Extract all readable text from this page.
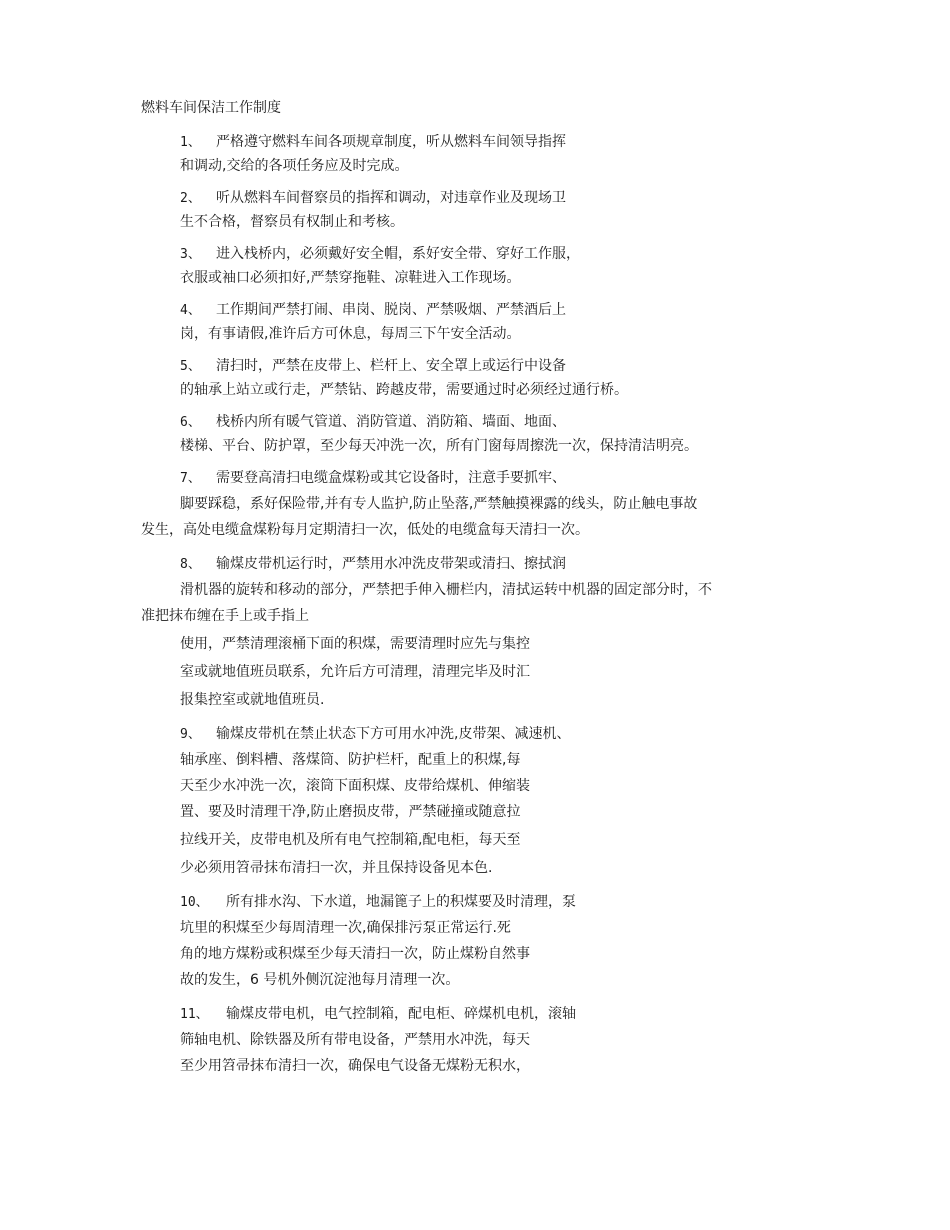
燃料车间保洁工作制度
1、 严格遵守燃料车间各项规章制度，听从燃料车间领导指挥
和调动,交给的各项任务应及时完成。
2、 听从燃料车间督察员的指挥和调动，对违章作业及现场卫
生不合格，督察员有权制止和考核。
3、 进入栈桥内，必须戴好安全帽，系好安全带、穿好工作服，
衣服或袖口必须扣好,严禁穿拖鞋、凉鞋进入工作现场。
4、 工作期间严禁打闹、串岗、脱岗、严禁吸烟、严禁酒后上
岗，有事请假,准许后方可休息，每周三下午安全活动。
5、 清扫时，严禁在皮带上、栏杆上、安全罩上或运行中设备
的轴承上站立或行走，严禁钻、跨越皮带，需要通过时必须经过通行桥。
6、 栈桥内所有暖气管道、消防管道、消防箱、墙面、地面、
楼梯、平台、防护罩，至少每天冲洗一次，所有门窗每周擦洗一次，保持清洁明亮。
7、 需要登高清扫电缆盒煤粉或其它设备时，注意手要抓牢、
脚要踩稳，系好保险带,并有专人监护,防止坠落,严禁触摸裸露的线头，防止触电事故
发生，高处电缆盒煤粉每月定期清扫一次，低处的电缆盒每天清扫一次。
8、 输煤皮带机运行时，严禁用水冲洗皮带架或清扫、擦拭润
滑机器的旋转和移动的部分，严禁把手伸入栅栏内，清拭运转中机器的固定部分时，不
准把抹布缠在手上或手指上
使用，严禁清理滚桶下面的积煤，需要清理时应先与集控
室或就地值班员联系，允许后方可清理，清理完毕及时汇
报集控室或就地值班员.
9、 输煤皮带机在禁止状态下方可用水冲洗,皮带架、减速机、
轴承座、倒料槽、落煤筒、防护栏杆，配重上的积煤,每
天至少水冲洗一次，滚筒下面积煤、皮带给煤机、伸缩装
置、要及时清理干净,防止磨损皮带，严禁碰撞或随意拉
拉线开关，皮带电机及所有电气控制箱,配电柜，每天至
少必须用笤帚抹布清扫一次，并且保持设备见本色.
10、 所有排水沟、下水道，地漏篦子上的积煤要及时清理，泵
坑里的积煤至少每周清理一次,确保排污泵正常运行.死
角的地方煤粉或积煤至少每天清扫一次，防止煤粉自然事
故的发生，6 号机外侧沉淀池每月清理一次。
11、 输煤皮带电机，电气控制箱，配电柜、碎煤机电机，滚轴
筛轴电机、除铁器及所有带电设备，严禁用水冲洗，每天
至少用笤帚抹布清扫一次，确保电气设备无煤粉无积水，
